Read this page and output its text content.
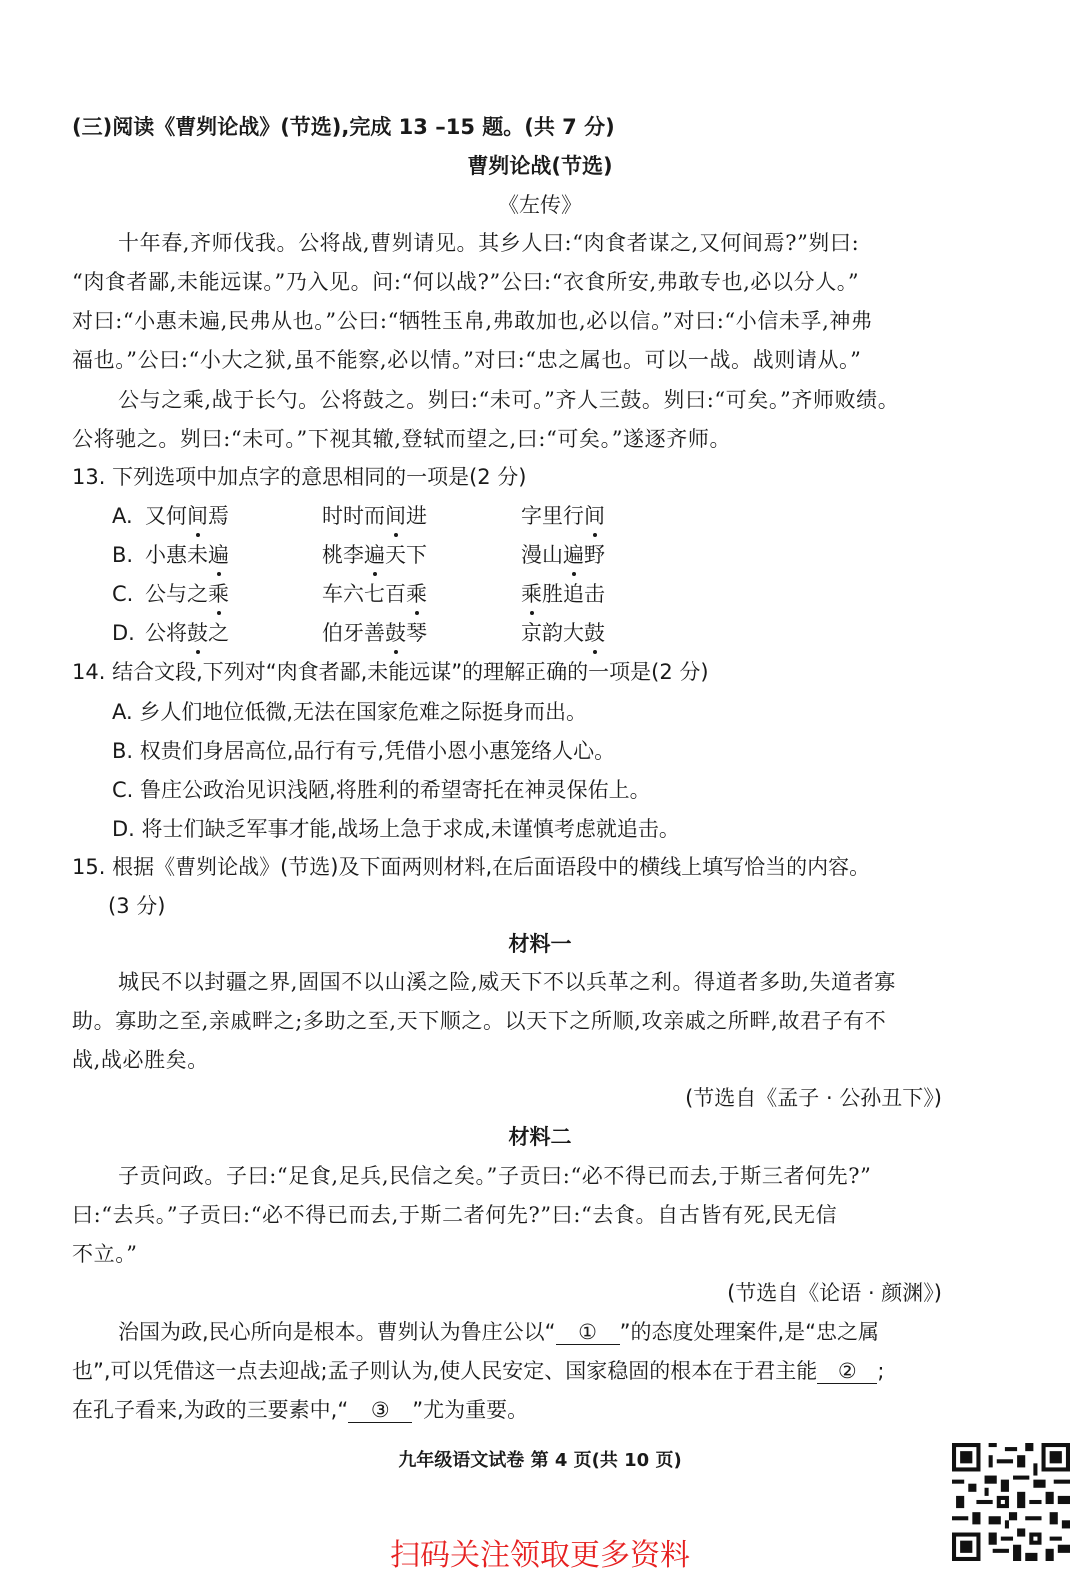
(三)阅读《曹刿论战》(节选),完成 13 –15 题。(共 7 分)
曹刿论战(节选)
《左传》
十年春,齐师伐我。公将战,曹刿请见。其乡人曰:“肉食者谋之,又何间焉?”刿曰:
“肉食者鄙,未能远谋。”乃入见。问:“何以战?”公曰:“衣食所安,弗敢专也,必以分人。”
对曰:“小惠未遍,民弗从也。”公曰:“牺牲玉帛,弗敢加也,必以信。”对曰:“小信未孚,神弗
福也。”公曰:“小大之狱,虽不能察,必以情。”对曰:“忠之属也。可以一战。战则请从。”
公与之乘,战于长勺。公将鼓之。刿曰:“未可。”齐人三鼓。刿曰:“可矣。”齐师败绩。
公将驰之。刿曰:“未可。”下视其辙,登轼而望之,曰:“可矣。”遂逐齐师。
13. 下列选项中加点字的意思相同的一项是(2 分)
A. 又何间焉	时时而间进	字里行间
B. 小惠未遍	桃李遍天下	漫山遍野
C. 公与之乘	车六七百乘	乘胜追击
D. 公将鼓之	伯牙善鼓琴	京韵大鼓
14. 结合文段,下列对“肉食者鄙,未能远谋”的理解正确的一项是(2 分)
A. 乡人们地位低微,无法在国家危难之际挺身而出。
B. 权贵们身居高位,品行有亏,凭借小恩小惠笼络人心。
C. 鲁庄公政治见识浅陋,将胜利的希望寄托在神灵保佑上。
D. 将士们缺乏军事才能,战场上急于求成,未谨慎考虑就追击。
15. 根据《曹刿论战》(节选)及下面两则材料,在后面语段中的横线上填写恰当的内容。
(3 分)
材料一
城民不以封疆之界,固国不以山溪之险,威天下不以兵革之利。得道者多助,失道者寡
助。寡助之至,亲戚畔之;多助之至,天下顺之。以天下之所顺,攻亲戚之所畔,故君子有不
战,战必胜矣。
(节选自《孟子 · 公孙丑下》)
材料二
子贡问政。子曰:“足食,足兵,民信之矣。”子贡曰:“必不得已而去,于斯三者何先?”
曰:“去兵。”子贡曰:“必不得已而去,于斯二者何先?”曰:“去食。自古皆有死,民无信
不立。”
(节选自《论语 · 颜渊》)
治国为政,民心所向是根本。曹刿认为鲁庄公以“ ① ”的态度处理案件,是“忠之属
也”,可以凭借这一点去迎战;孟子则认为,使人民安定、国家稳固的根本在于君主能 ② ;
在孔子看来,为政的三要素中,“ ③ ”尤为重要。
九年级语文试卷 第 4 页(共 10 页)
扫码关注领取更多资料
